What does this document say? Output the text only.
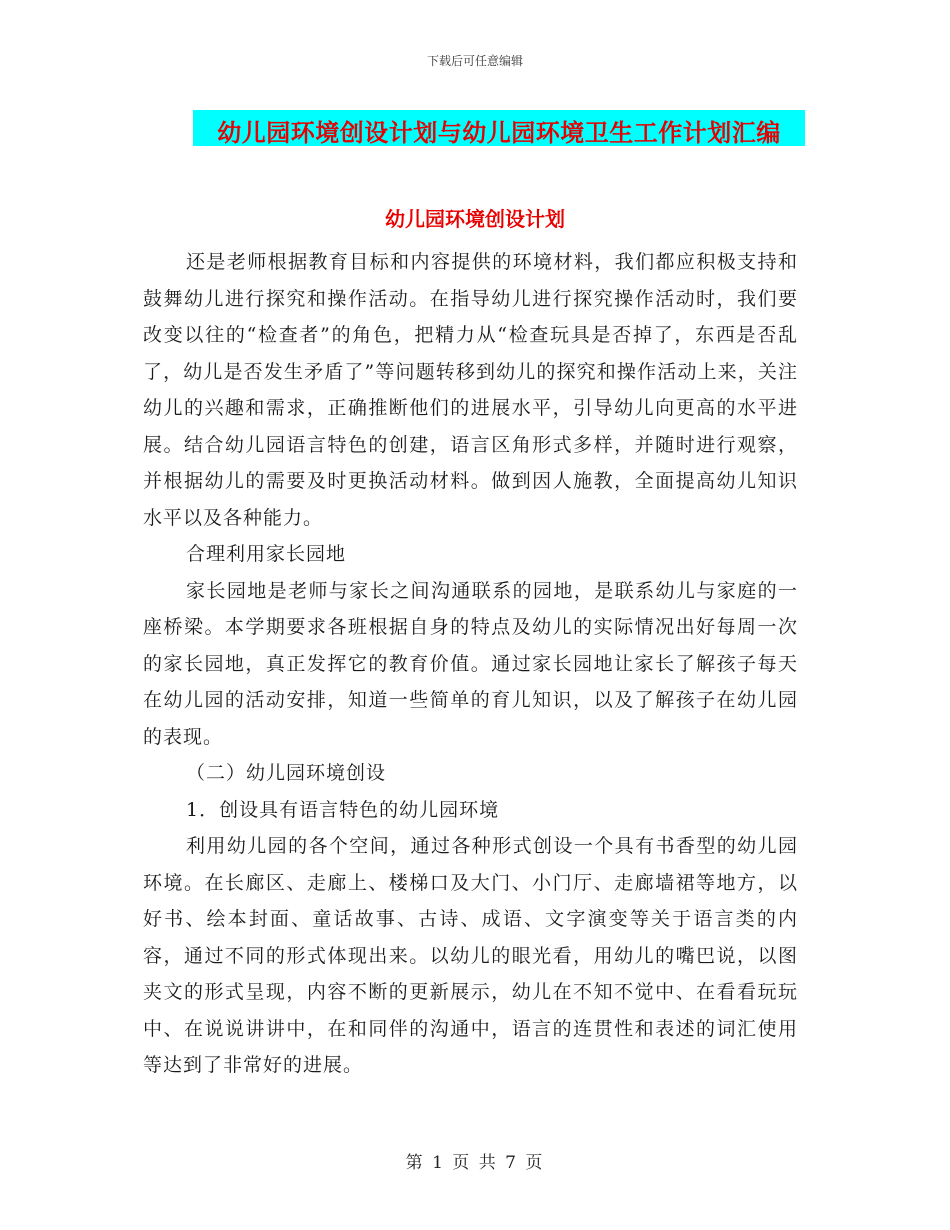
下载后可任意编辑
幼儿园环境创设计划与幼儿园环境卫生工作计划汇编
幼儿园环境创设计划

还是老师根据教育目标和内容提供的环境材料，我们都应积极支持和鼓舞幼儿进行探究和操作活动。在指导幼儿进行探究操作活动时，我们要改变以往的“检查者”的角色，把精力从“检查玩具是否掉了，东西是否乱了，幼儿是否发生矛盾了”等问题转移到幼儿的探究和操作活动上来，关注幼儿的兴趣和需求，正确推断他们的进展水平，引导幼儿向更高的水平进展。结合幼儿园语言特色的创建，语言区角形式多样，并随时进行观察，并根据幼儿的需要及时更换活动材料。做到因人施教，全面提高幼儿知识水平以及各种能力。

合理利用家长园地

家长园地是老师与家长之间沟通联系的园地，是联系幼儿与家庭的一座桥梁。本学期要求各班根据自身的特点及幼儿的实际情况出好每周一次的家长园地，真正发挥它的教育价值。通过家长园地让家长了解孩子每天在幼儿园的活动安排，知道一些简单的育儿知识，以及了解孩子在幼儿园的表现。

（二）幼儿园环境创设

1．创设具有语言特色的幼儿园环境

利用幼儿园的各个空间，通过各种形式创设一个具有书香型的幼儿园环境。在长廊区、走廊上、楼梯口及大门、小门厅、走廊墙裙等地方，以好书、绘本封面、童话故事、古诗、成语、文字演变等关于语言类的内容，通过不同的形式体现出来。以幼儿的眼光看，用幼儿的嘴巴说，以图夹文的形式呈现，内容不断的更新展示，幼儿在不知不觉中、在看看玩玩中、在说说讲讲中，在和同伴的沟通中，语言的连贯性和表述的词汇使用等达到了非常好的进展。

第 1 页 共 7 页
